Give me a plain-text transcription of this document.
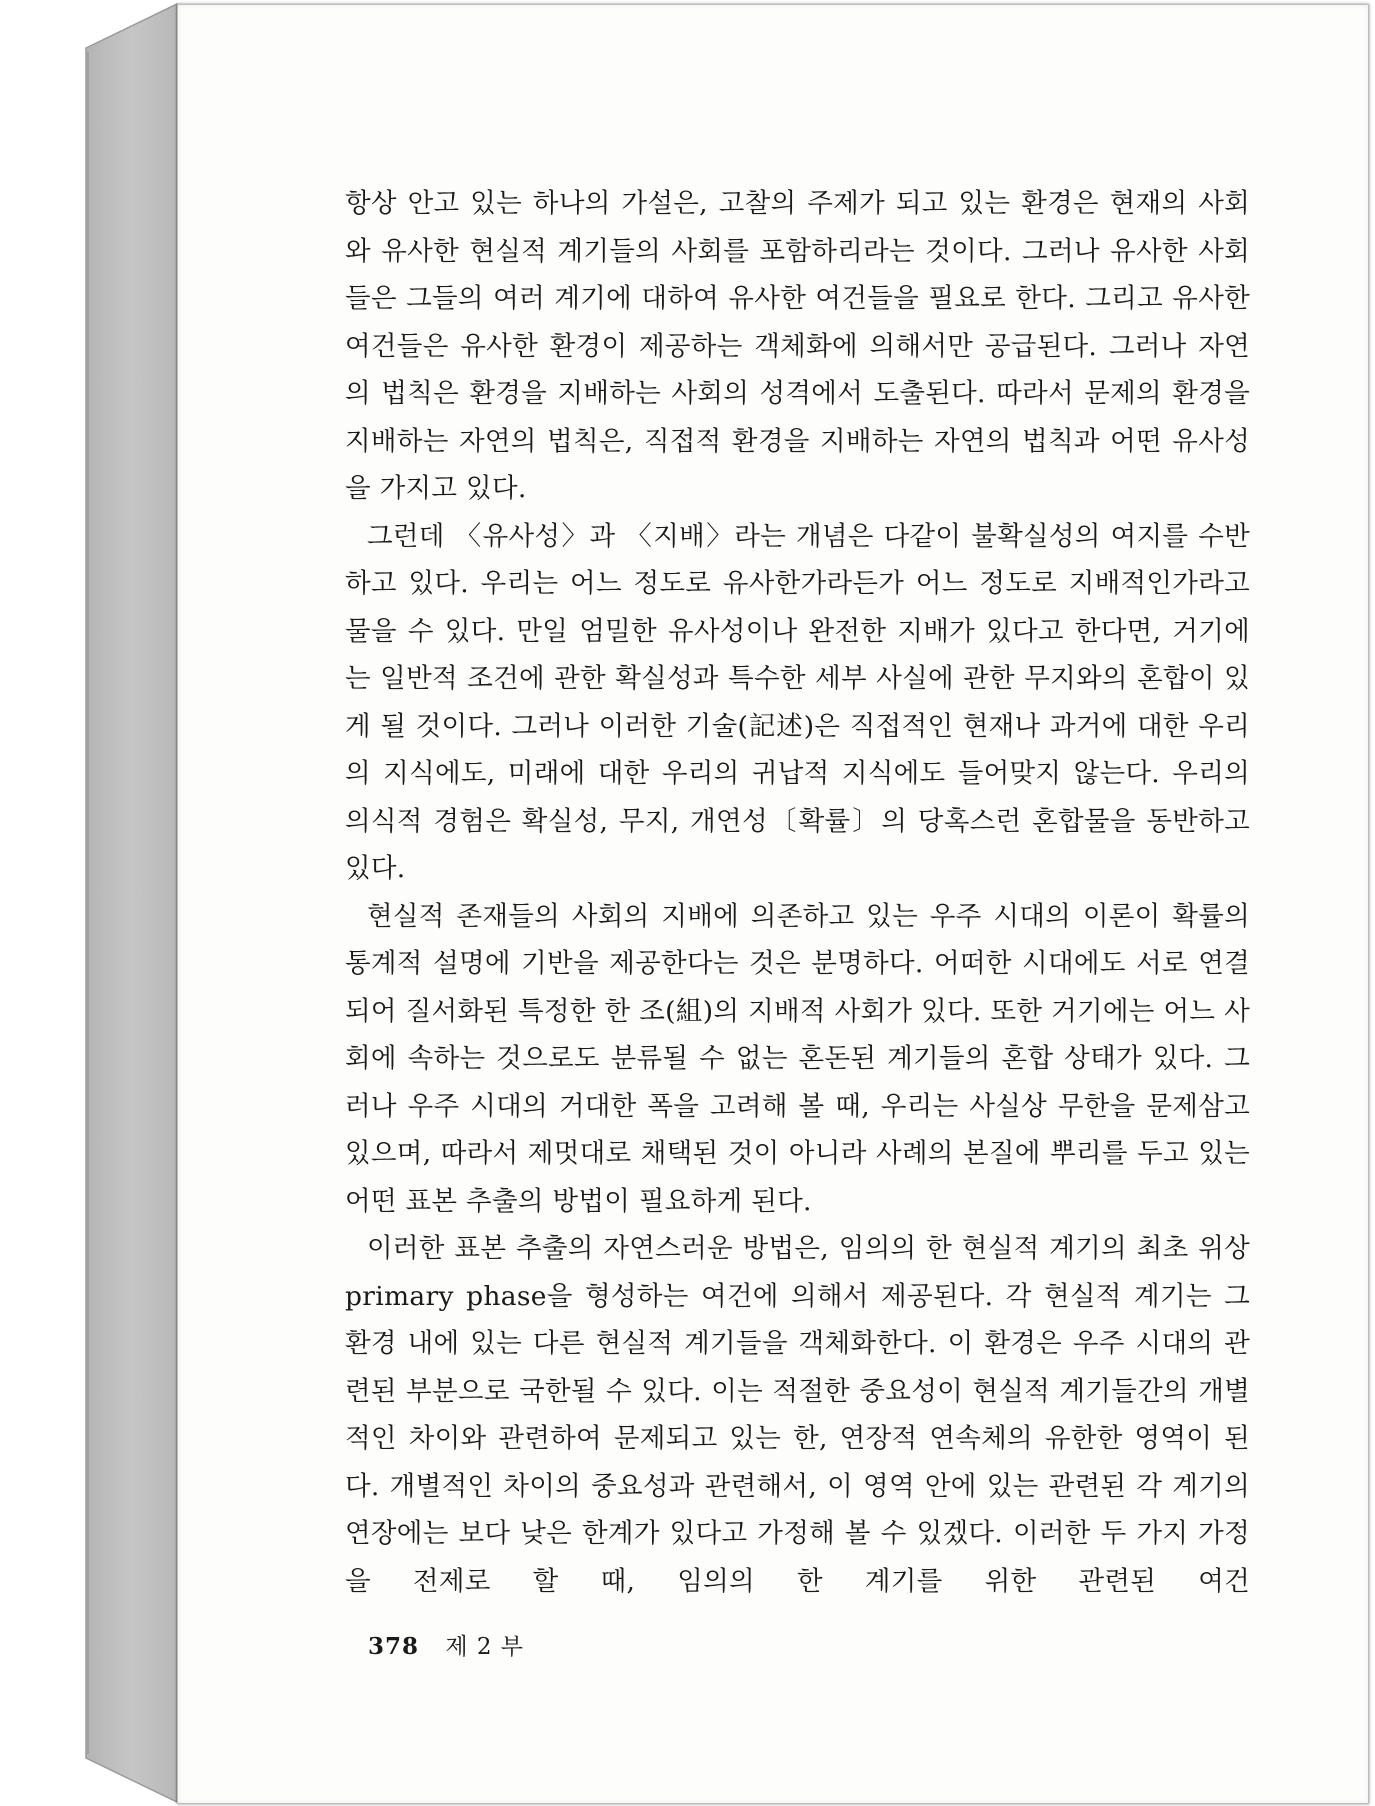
항상 안고 있는 하나의 가설은, 고찰의 주제가 되고 있는 환경은 현재의 사회와 유사한 현실적 계기들의 사회를 포함하리라는 것이다. 그러나 유사한 사회들은 그들의 여러 계기에 대하여 유사한 여건들을 필요로 한다. 그리고 유사한 여건들은 유사한 환경이 제공하는 객체화에 의해서만 공급된다. 그러나 자연의 법칙은 환경을 지배하는 사회의 성격에서 도출된다. 따라서 문제의 환경을 지배하는 자연의 법칙은, 직접적 환경을 지배하는 자연의 법칙과 어떤 유사성을 가지고 있다.

그런데 〈유사성〉과 〈지배〉라는 개념은 다같이 불확실성의 여지를 수반하고 있다. 우리는 어느 정도로 유사한가라든가 어느 정도로 지배적인가라고 물을 수 있다. 만일 엄밀한 유사성이나 완전한 지배가 있다고 한다면, 거기에는 일반적 조건에 관한 확실성과 특수한 세부 사실에 관한 무지와의 혼합이 있게 될 것이다. 그러나 이러한 기술(記述)은 직접적인 현재나 과거에 대한 우리의 지식에도, 미래에 대한 우리의 귀납적 지식에도 들어맞지 않는다. 우리의 의식적 경험은 확실성, 무지, 개연성〔확률〕의 당혹스런 혼합물을 동반하고 있다.

현실적 존재들의 사회의 지배에 의존하고 있는 우주 시대의 이론이 확률의 통계적 설명에 기반을 제공한다는 것은 분명하다. 어떠한 시대에도 서로 연결되어 질서화된 특정한 한 조(組)의 지배적 사회가 있다. 또한 거기에는 어느 사회에 속하는 것으로도 분류될 수 없는 혼돈된 계기들의 혼합 상태가 있다. 그러나 우주 시대의 거대한 폭을 고려해 볼 때, 우리는 사실상 무한을 문제삼고 있으며, 따라서 제멋대로 채택된 것이 아니라 사례의 본질에 뿌리를 두고 있는 어떤 표본 추출의 방법이 필요하게 된다.

이러한 표본 추출의 자연스러운 방법은, 임의의 한 현실적 계기의 최초 위상 primary phase을 형성하는 여건에 의해서 제공된다. 각 현실적 계기는 그 환경 내에 있는 다른 현실적 계기들을 객체화한다. 이 환경은 우주 시대의 관련된 부분으로 국한될 수 있다. 이는 적절한 중요성이 현실적 계기들간의 개별적인 차이와 관련하여 문제되고 있는 한, 연장적 연속체의 유한한 영역이 된다. 개별적인 차이의 중요성과 관련해서, 이 영역 안에 있는 관련된 각 계기의 연장에는 보다 낮은 한계가 있다고 가정해 볼 수 있겠다. 이러한 두 가지 가정을 전제로 할 때, 임의의 한 계기를 위한 관련된 여건

378 제 2 부
